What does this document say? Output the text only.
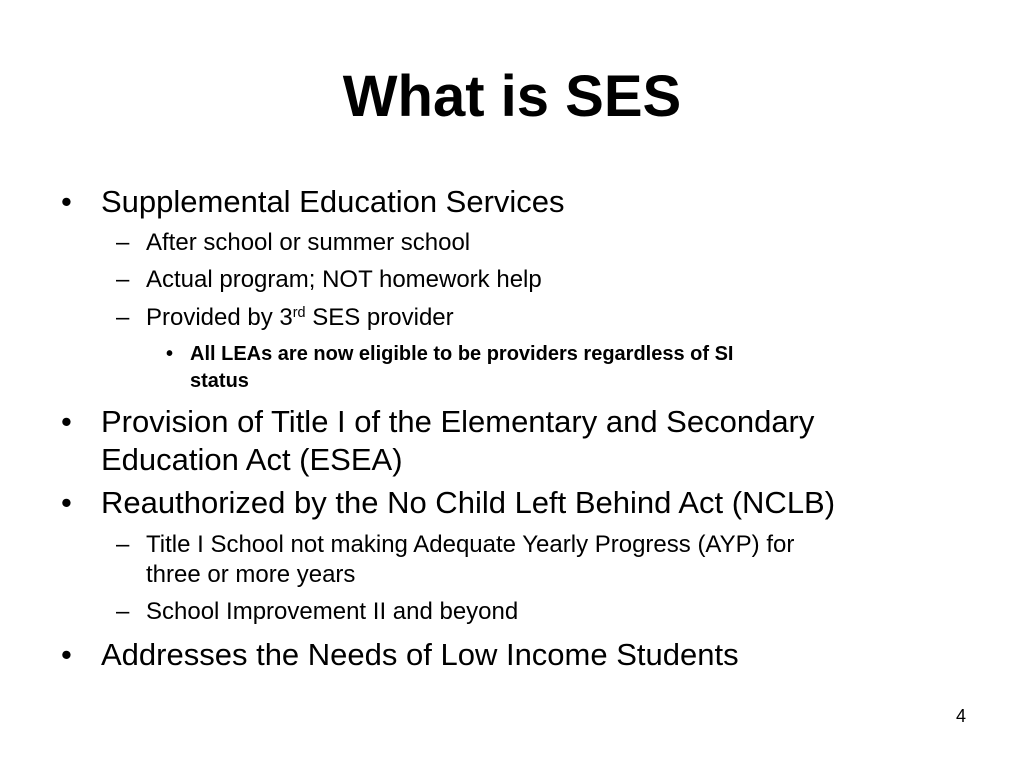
What is SES
• Supplemental Education Services
– After school or summer school
– Actual program; NOT homework help
– Provided by 3rd SES provider
• All LEAs are now eligible to be providers regardless of SI
status
• Provision of Title I of the Elementary and Secondary
Education Act (ESEA)
• Reauthorized by the No Child Left Behind Act (NCLB)
– Title I School not making Adequate Yearly Progress (AYP) for
three or more years
– School Improvement II and beyond
• Addresses the Needs of Low Income Students
4
